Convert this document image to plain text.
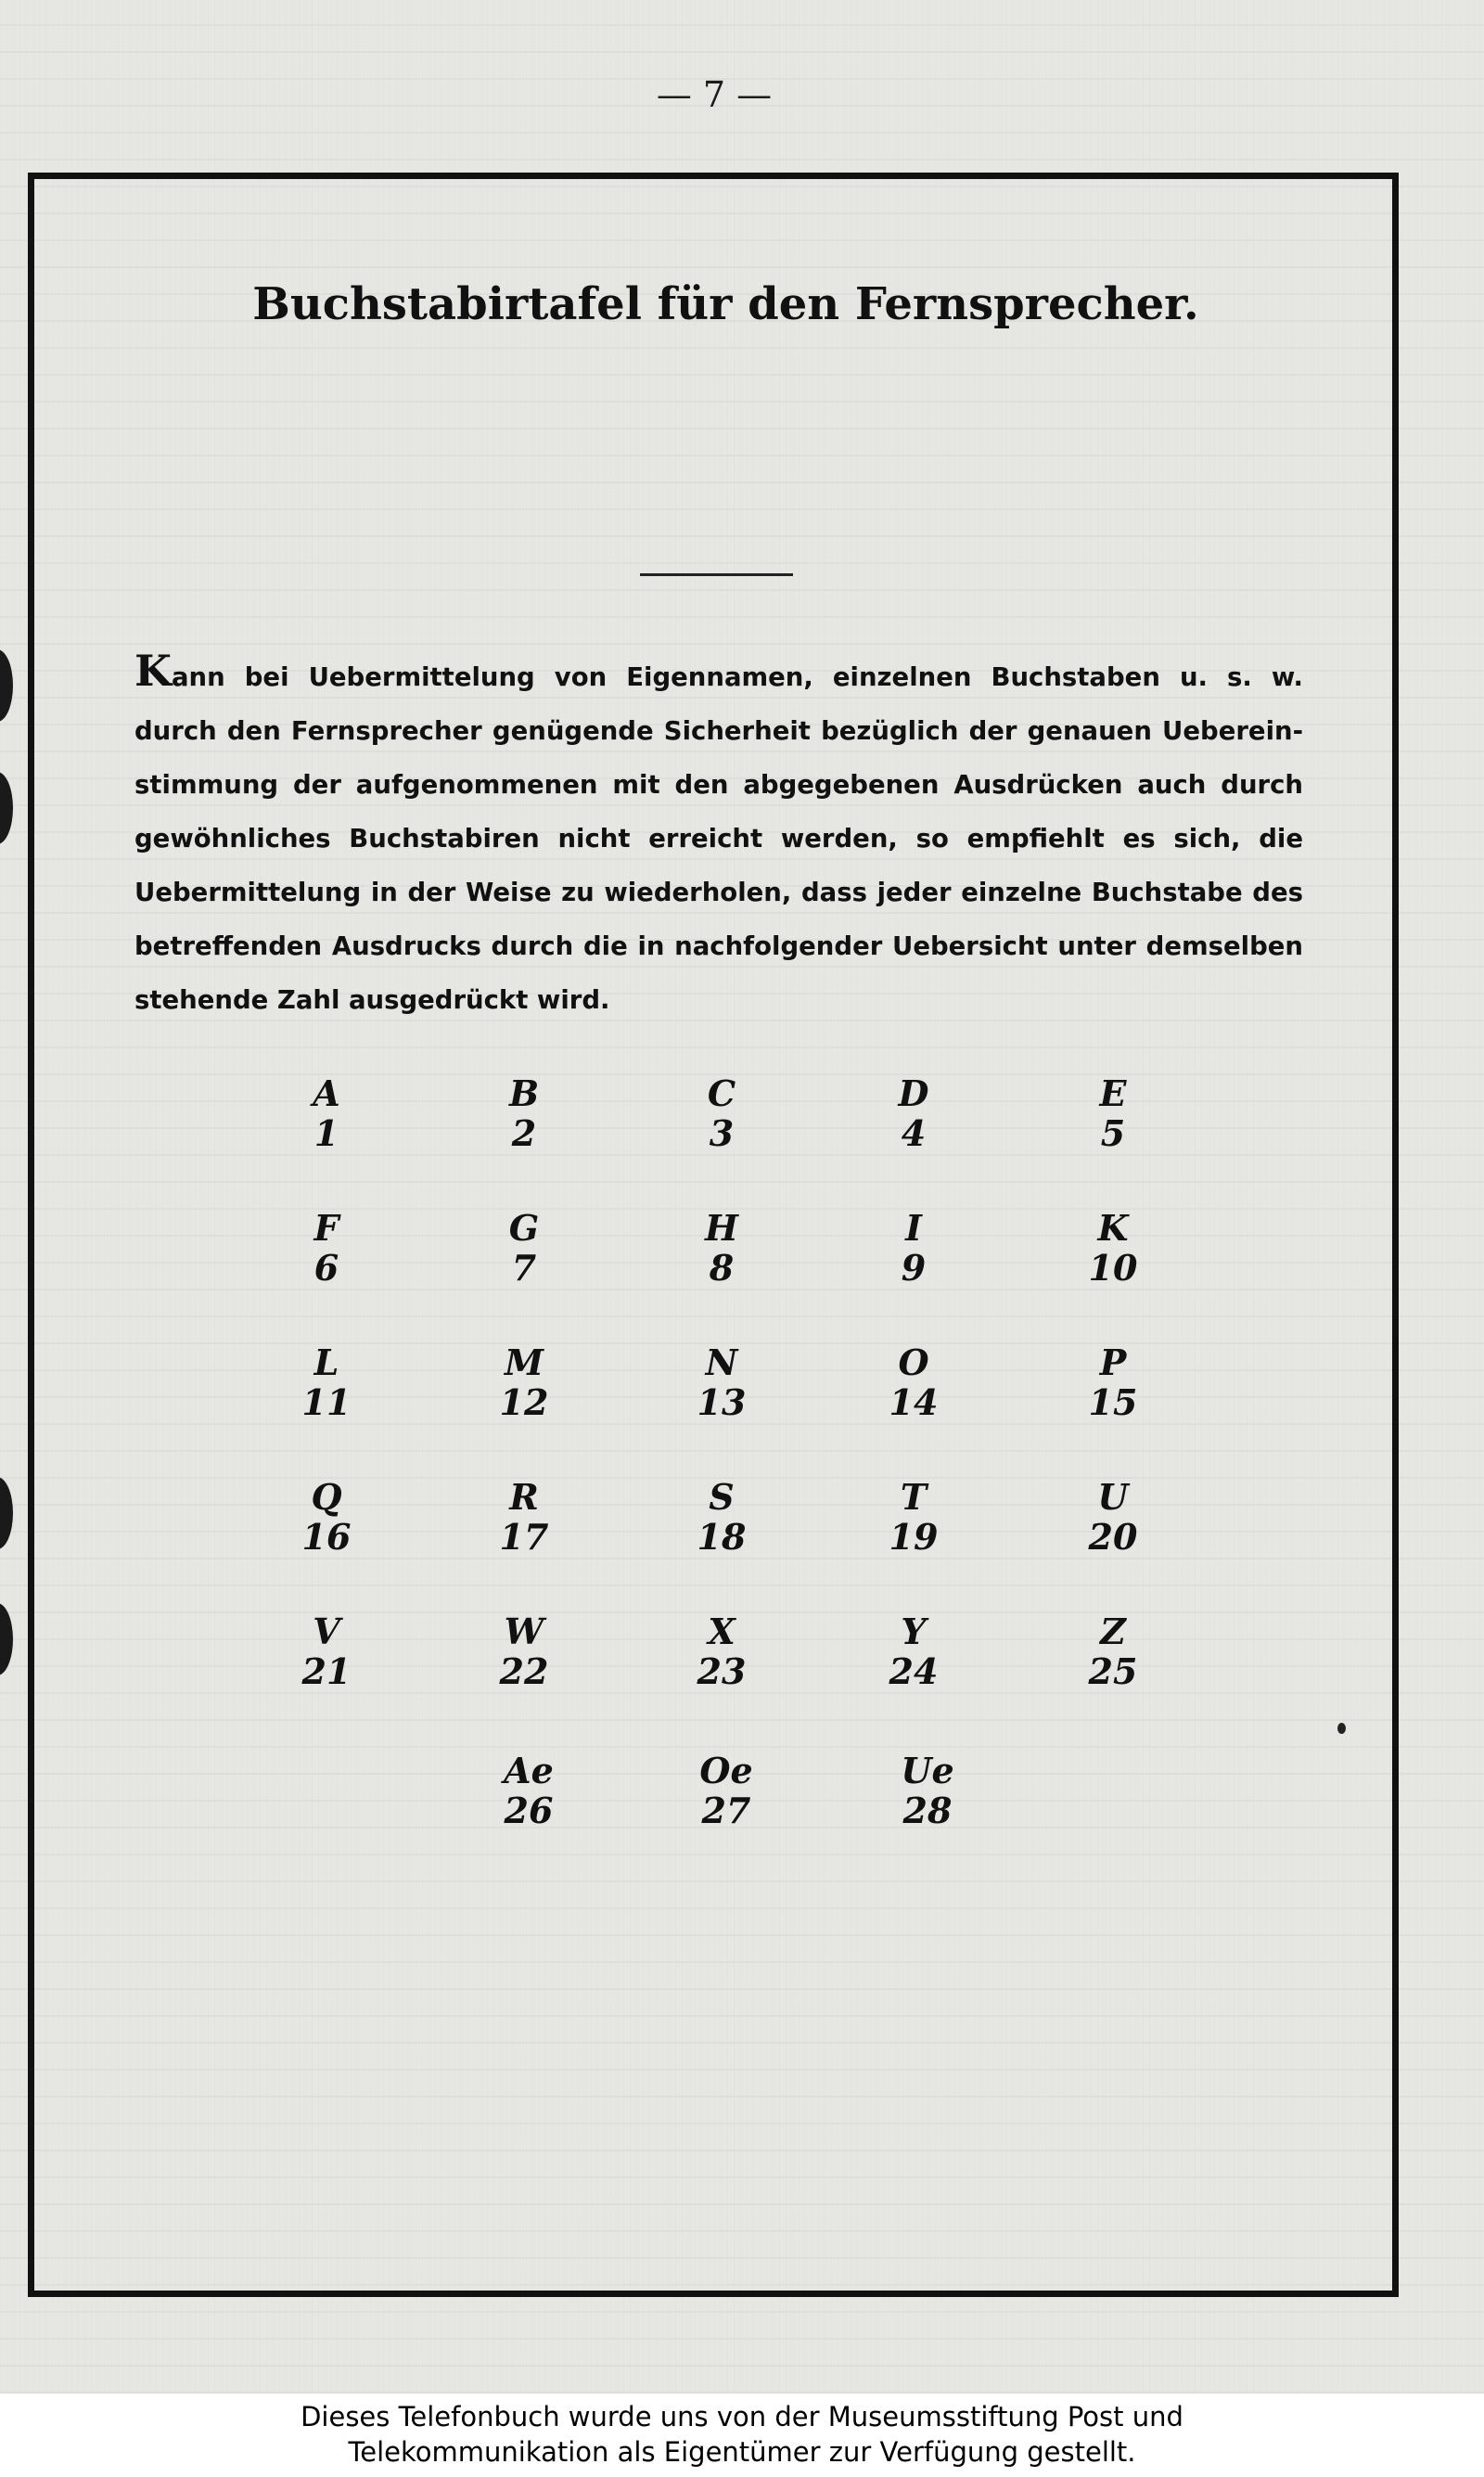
— 7 —
Buchstabirtafel für den Fernsprecher.
Kann bei Uebermittelung von Eigennamen, einzelnen Buchstaben u. s. w.
durch den Fernsprecher genügende Sicherheit bezüglich der genauen Ueberein-
stimmung der aufgenommenen mit den abgegebenen Ausdrücken auch durch
gewöhnliches Buchstabiren nicht erreicht werden, so empfiehlt es sich, die
Uebermittelung in der Weise zu wiederholen, dass jeder einzelne Buchstabe des
betreffenden Ausdrucks durch die in nachfolgender Uebersicht unter demselben
stehende Zahl ausgedrückt wird.
A
1
B
2
C
3
D
4
E
5
F
6
G
7
H
8
I
9
K
10
L
11
M
12
N
13
O
14
P
15
Q
16
R
17
S
18
T
19
U
20
V
21
W
22
X
23
Y
24
Z
25
Ae
26
Oe
27
Ue
28
Dieses Telefonbuch wurde uns von der Museumsstiftung Post und
Telekommunikation als Eigentümer zur Verfügung gestellt.
